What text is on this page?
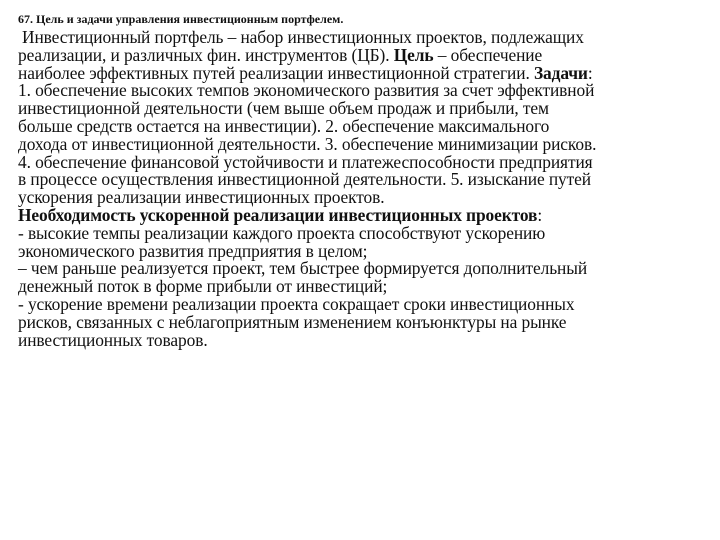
67. Цель и задачи управления инвестиционным портфелем.
Инвестиционный портфель – набор инвестиционных проектов, подлежащих
реализации, и различных фин. инструментов (ЦБ). Цель – обеспечение
наиболее эффективных путей реализации инвестиционной стратегии. Задачи:
1. обеспечение высоких темпов экономического развития за счет эффективной
инвестиционной деятельности (чем выше объем продаж и прибыли, тем
больше средств остается на инвестиции). 2. обеспечение максимального
дохода от инвестиционной деятельности. 3. обеспечение минимизации рисков.
4. обеспечение финансовой устойчивости и платежеспособности предприятия
в процессе осуществления инвестиционной деятельности. 5. изыскание путей
ускорения реализации инвестиционных проектов.
Необходимость ускоренной реализации инвестиционных проектов:
- высокие темпы реализации каждого проекта способствуют ускорению
экономического развития предприятия в целом;
– чем раньше реализуется проект, тем быстрее формируется дополнительный
денежный поток в форме прибыли от инвестиций;
- ускорение времени реализации проекта сокращает сроки инвестиционных
рисков, связанных с неблагоприятным изменением конъюнктуры на рынке
инвестиционных товаров.
